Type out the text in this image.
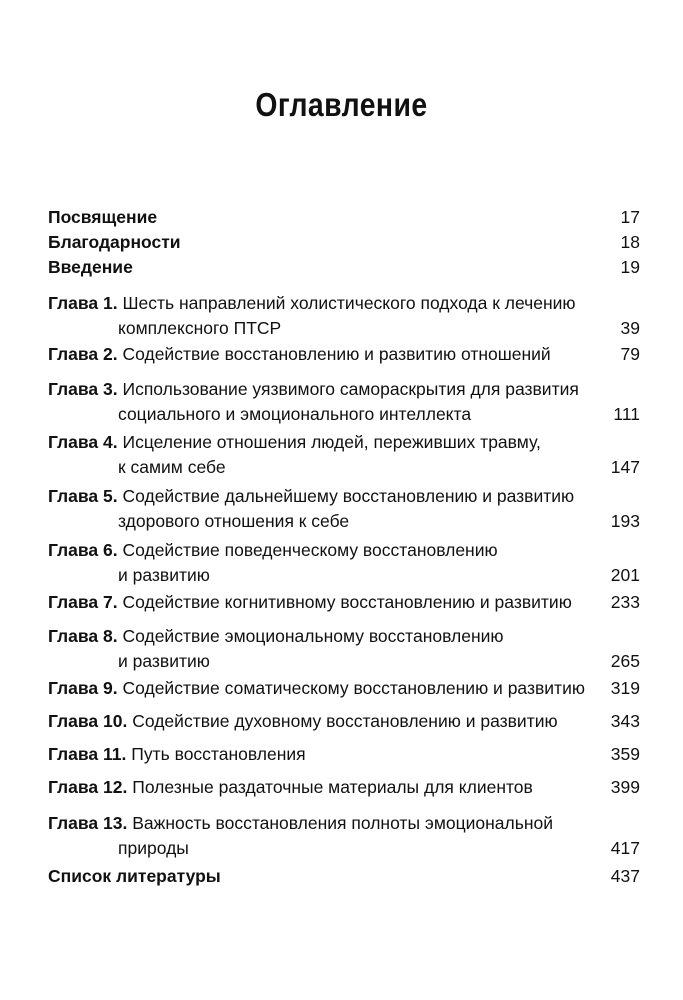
Оглавление
Посвящение	17
Благодарности	18
Введение	19
Глава 1. Шесть направлений холистического подхода к лечению
комплексного ПТСР	39
Глава 2. Содействие восстановлению и развитию отношений	79
Глава 3. Использование уязвимого самораскрытия для развития
социального и эмоционального интеллекта	111
Глава 4. Исцеление отношения людей, переживших травму,
к самим себе	147
Глава 5. Содействие дальнейшему восстановлению и развитию
здорового отношения к себе	193
Глава 6. Содействие поведенческому восстановлению
и развитию	201
Глава 7. Содействие когнитивному восстановлению и развитию 233
Глава 8. Содействие эмоциональному восстановлению
и развитию	265
Глава 9. Содействие соматическому восстановлению и развитию 319
Глава 10. Содействие духовному восстановлению и развитию	343
Глава 11. Путь восстановления	359
Глава 12. Полезные раздаточные материалы для клиентов	399
Глава 13. Важность восстановления полноты эмоциональной
природы	417
Список литературы	437
